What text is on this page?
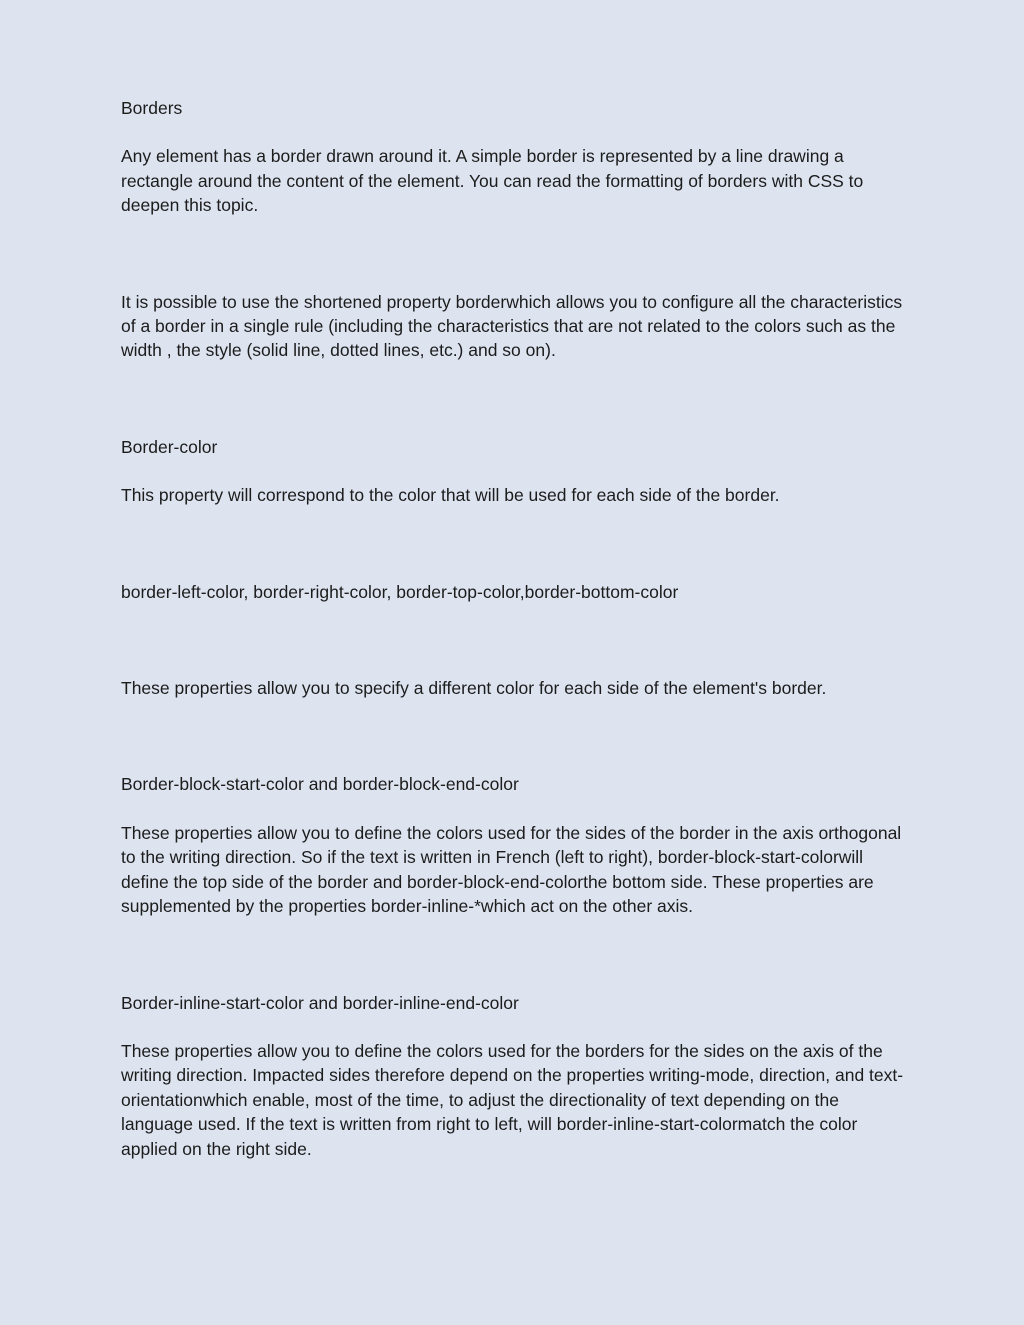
Borders

Any element has a border drawn around it. A simple border is represented by a line drawing a rectangle around the content of the element. You can read the formatting of borders with CSS to deepen this topic.

It is possible to use the shortened property borderwhich allows you to configure all the characteristics of a border in a single rule (including the characteristics that are not related to the colors such as the width , the style (solid line, dotted lines, etc.) and so on).

Border-color

This property will correspond to the color that will be used for each side of the border.

border-left-color, border-right-color, border-top-color,border-bottom-color

These properties allow you to specify a different color for each side of the element's border.

Border-block-start-color and border-block-end-color

These properties allow you to define the colors used for the sides of the border in the axis orthogonal to the writing direction. So if the text is written in French (left to right), border-block-start-colorwill define the top side of the border and border-block-end-colorthe bottom side. These properties are supplemented by the properties border-inline-*which act on the other axis.

Border-inline-start-color and border-inline-end-color

These properties allow you to define the colors used for the borders for the sides on the axis of the writing direction. Impacted sides therefore depend on the properties writing-mode, direction, and text-orientationwhich enable, most of the time, to adjust the directionality of text depending on the language used. If the text is written from right to left, will border-inline-start-colormatch the color applied on the right side.
